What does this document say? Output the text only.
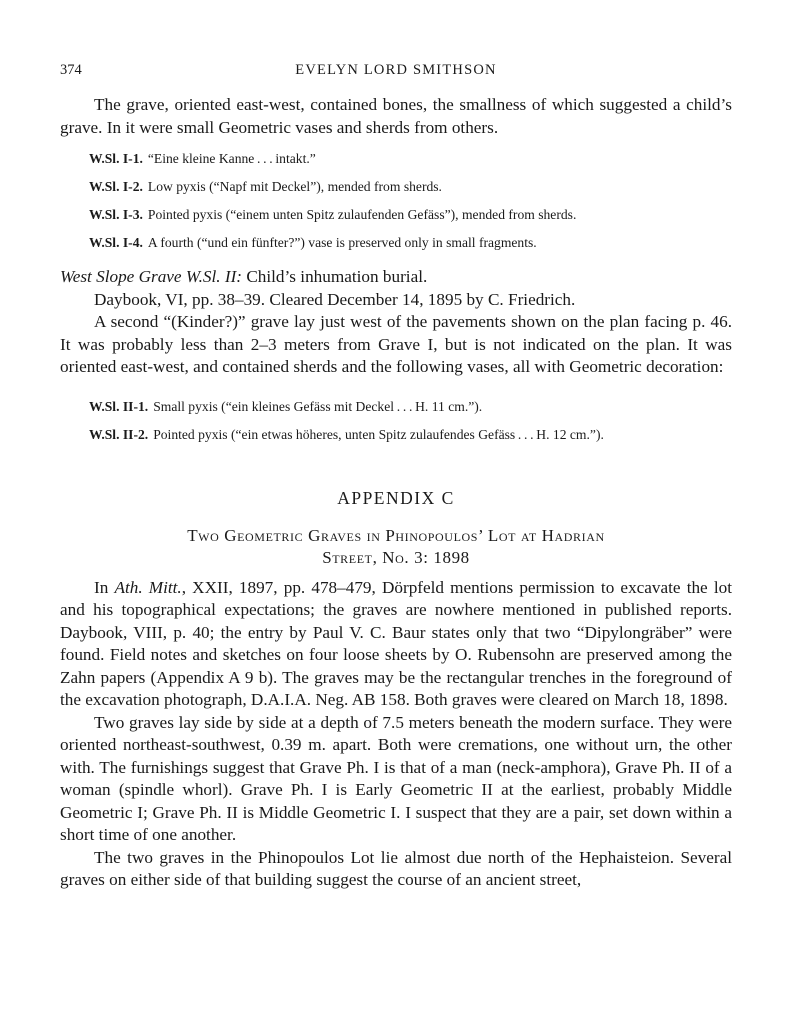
374	EVELYN LORD SMITHSON

The grave, oriented east-west, contained bones, the smallness of which suggested a child’s grave. In it were small Geometric vases and sherds from others.

W.Sl. I-1. “Eine kleine Kanne . . . intakt.”
W.Sl. I-2. Low pyxis (“Napf mit Deckel”), mended from sherds.
W.Sl. I-3. Pointed pyxis (“einem unten Spitz zulaufenden Gefäss”), mended from sherds.
W.Sl. I-4. A fourth (“und ein fünfter?”) vase is preserved only in small fragments.

West Slope Grave W.Sl. II: Child’s inhumation burial.

Daybook, VI, pp. 38–39. Cleared December 14, 1895 by C. Friedrich.

A second “(Kinder?)” grave lay just west of the pavements shown on the plan facing p. 46. It was probably less than 2–3 meters from Grave I, but is not indicated on the plan. It was oriented east-west, and contained sherds and the following vases, all with Geometric decoration:

W.Sl. II-1. Small pyxis (“ein kleines Gefäss mit Deckel . . . H. 11 cm.”).
W.Sl. II-2. Pointed pyxis (“ein etwas höheres, unten Spitz zulaufendes Gefäss . . . H. 12 cm.”).
APPENDIX C
Two Geometric Graves in Phinopoulos’ Lot at Hadrian
Street, No. 3: 1898

In Ath. Mitt., XXII, 1897, pp. 478–479, Dörpfeld mentions permission to excavate the lot and his topographical expectations; the graves are nowhere mentioned in published reports. Daybook, VIII, p. 40; the entry by Paul V. C. Baur states only that two “Dipylongräber” were found. Field notes and sketches on four loose sheets by O. Rubensohn are preserved among the Zahn papers (Appendix A 9 b). The graves may be the rectangular trenches in the foreground of the excavation photograph, D.A.I.A. Neg. AB 158. Both graves were cleared on March 18, 1898.

Two graves lay side by side at a depth of 7.5 meters beneath the modern surface. They were oriented northeast-southwest, 0.39 m. apart. Both were cremations, one without urn, the other with. The furnishings suggest that Grave Ph. I is that of a man (neck-amphora), Grave Ph. II of a woman (spindle whorl). Grave Ph. I is Early Geometric II at the earliest, probably Middle Geometric I; Grave Ph. II is Middle Geometric I. I suspect that they are a pair, set down within a short time of one another.

The two graves in the Phinopoulos Lot lie almost due north of the Hephaisteion. Several graves on either side of that building suggest the course of an ancient street,
